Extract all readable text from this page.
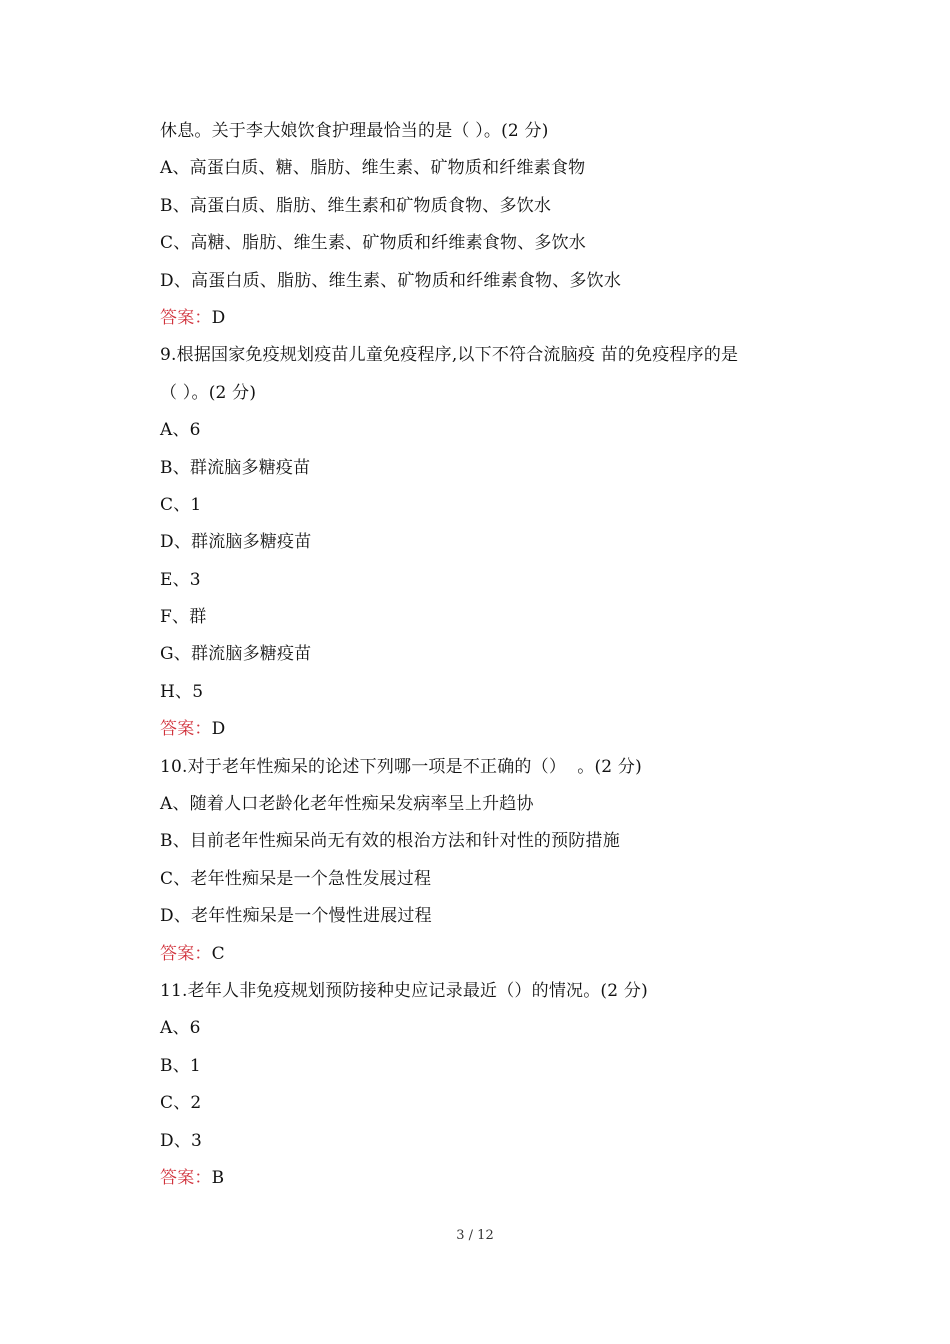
休息。关于李大娘饮食护理最恰当的是（ ）。(2 分)
A、高蛋白质、糖、脂肪、维生素、矿物质和纤维素食物
B、高蛋白质、脂肪、维生素和矿物质食物、多饮水
C、高糖、脂肪、维生素、矿物质和纤维素食物、多饮水
D、高蛋白质、脂肪、维生素、矿物质和纤维素食物、多饮水
答案：D
9.根据国家免疫规划疫苗儿童免疫程序,以下不符合流脑疫 苗的免疫程序的是
（ ）。(2 分)
A、6
B、群流脑多糖疫苗
C、1
D、群流脑多糖疫苗
E、3
F、群
G、群流脑多糖疫苗
H、5
答案：D
10.对于老年性痴呆的论述下列哪一项是不正确的（）  。(2 分)
A、随着人口老龄化老年性痴呆发病率呈上升趋协
B、目前老年性痴呆尚无有效的根治方法和针对性的预防措施
C、老年性痴呆是一个急性发展过程
D、老年性痴呆是一个慢性进展过程
答案：C
11.老年人非免疫规划预防接种史应记录最近（）的情况。(2 分)
A、6
B、1
C、2
D、3
答案：B
3 / 12
